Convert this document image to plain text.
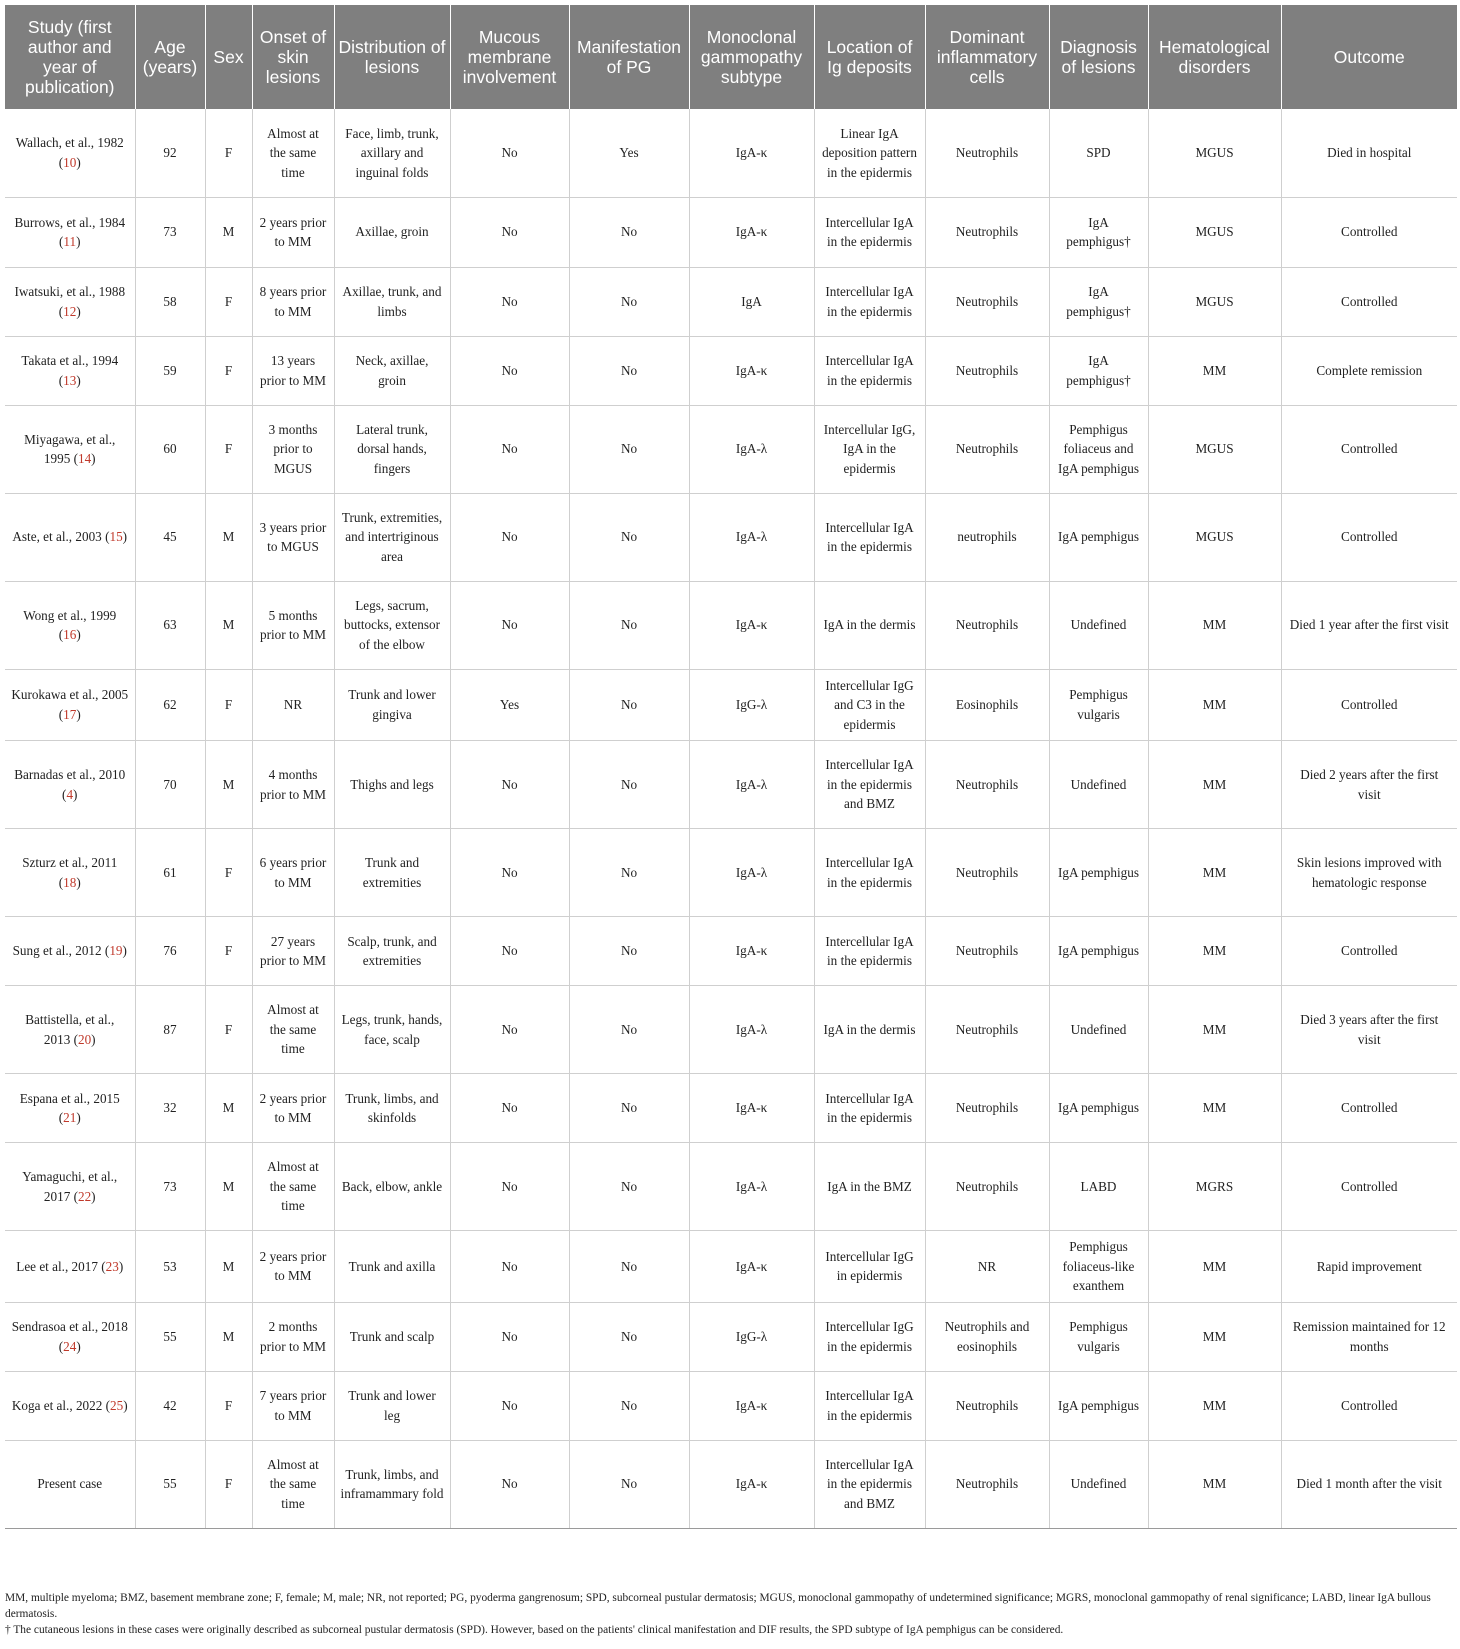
Study (first author and year of publication)	Age (years)	Sex	Onset of skin lesions	Distribution of lesions	Mucous membrane involvement	Manifestation of PG	Monoclonal gammopathy subtype	Location of Ig deposits	Dominant inflammatory cells	Diagnosis of lesions	Hematological disorders	Outcome
Wallach, et al., 1982 (10)	92	F	Almost at the same time	Face, limb, trunk, axillary and inguinal folds	No	Yes	IgA-κ	Linear IgA deposition pattern in the epidermis	Neutrophils	SPD	MGUS	Died in hospital
Burrows, et al., 1984 (11)	73	M	2 years prior to MM	Axillae, groin	No	No	IgA-κ	Intercellular IgA in the epidermis	Neutrophils	IgA pemphigus†	MGUS	Controlled
Iwatsuki, et al., 1988 (12)	58	F	8 years prior to MM	Axillae, trunk, and limbs	No	No	IgA	Intercellular IgA in the epidermis	Neutrophils	IgA pemphigus†	MGUS	Controlled
Takata et al., 1994 (13)	59	F	13 years prior to MM	Neck, axillae, groin	No	No	IgA-κ	Intercellular IgA in the epidermis	Neutrophils	IgA pemphigus†	MM	Complete remission
Miyagawa, et al., 1995 (14)	60	F	3 months prior to MGUS	Lateral trunk, dorsal hands, fingers	No	No	IgA-λ	Intercellular IgG, IgA in the epidermis	Neutrophils	Pemphigus foliaceus and IgA pemphigus	MGUS	Controlled
Aste, et al., 2003 (15)	45	M	3 years prior to MGUS	Trunk, extremities, and intertriginous area	No	No	IgA-λ	Intercellular IgA in the epidermis	neutrophils	IgA pemphigus	MGUS	Controlled
Wong et al., 1999 (16)	63	M	5 months prior to MM	Legs, sacrum, buttocks, extensor of the elbow	No	No	IgA-κ	IgA in the dermis	Neutrophils	Undefined	MM	Died 1 year after the first visit
Kurokawa et al., 2005 (17)	62	F	NR	Trunk and lower gingiva	Yes	No	IgG-λ	Intercellular IgG and C3 in the epidermis	Eosinophils	Pemphigus vulgaris	MM	Controlled
Barnadas et al., 2010 (4)	70	M	4 months prior to MM	Thighs and legs	No	No	IgA-λ	Intercellular IgA in the epidermis and BMZ	Neutrophils	Undefined	MM	Died 2 years after the first visit
Szturz et al., 2011 (18)	61	F	6 years prior to MM	Trunk and extremities	No	No	IgA-λ	Intercellular IgA in the epidermis	Neutrophils	IgA pemphigus	MM	Skin lesions improved with hematologic response
Sung et al., 2012 (19)	76	F	27 years prior to MM	Scalp, trunk, and extremities	No	No	IgA-κ	Intercellular IgA in the epidermis	Neutrophils	IgA pemphigus	MM	Controlled
Battistella, et al., 2013 (20)	87	F	Almost at the same time	Legs, trunk, hands, face, scalp	No	No	IgA-λ	IgA in the dermis	Neutrophils	Undefined	MM	Died 3 years after the first visit
Espana et al., 2015 (21)	32	M	2 years prior to MM	Trunk, limbs, and skinfolds	No	No	IgA-κ	Intercellular IgA in the epidermis	Neutrophils	IgA pemphigus	MM	Controlled
Yamaguchi, et al., 2017 (22)	73	M	Almost at the same time	Back, elbow, ankle	No	No	IgA-λ	IgA in the BMZ	Neutrophils	LABD	MGRS	Controlled
Lee et al., 2017 (23)	53	M	2 years prior to MM	Trunk and axilla	No	No	IgA-κ	Intercellular IgG in epidermis	NR	Pemphigus foliaceus-like exanthem	MM	Rapid improvement
Sendrasoa et al., 2018 (24)	55	M	2 months prior to MM	Trunk and scalp	No	No	IgG-λ	Intercellular IgG in the epidermis	Neutrophils and eosinophils	Pemphigus vulgaris	MM	Remission maintained for 12 months
Koga et al., 2022 (25)	42	F	7 years prior to MM	Trunk and lower leg	No	No	IgA-κ	Intercellular IgA in the epidermis	Neutrophils	IgA pemphigus	MM	Controlled
Present case	55	F	Almost at the same time	Trunk, limbs, and inframammary fold	No	No	IgA-κ	Intercellular IgA in the epidermis and BMZ	Neutrophils	Undefined	MM	Died 1 month after the visit

MM, multiple myeloma; BMZ, basement membrane zone; F, female; M, male; NR, not reported; PG, pyoderma gangrenosum; SPD, subcorneal pustular dermatosis; MGUS, monoclonal gammopathy of undetermined significance; MGRS, monoclonal gammopathy of renal significance; LABD, linear IgA bullous dermatosis.

† The cutaneous lesions in these cases were originally described as subcorneal pustular dermatosis (SPD). However, based on the patients' clinical manifestation and DIF results, the SPD subtype of IgA pemphigus can be considered.
